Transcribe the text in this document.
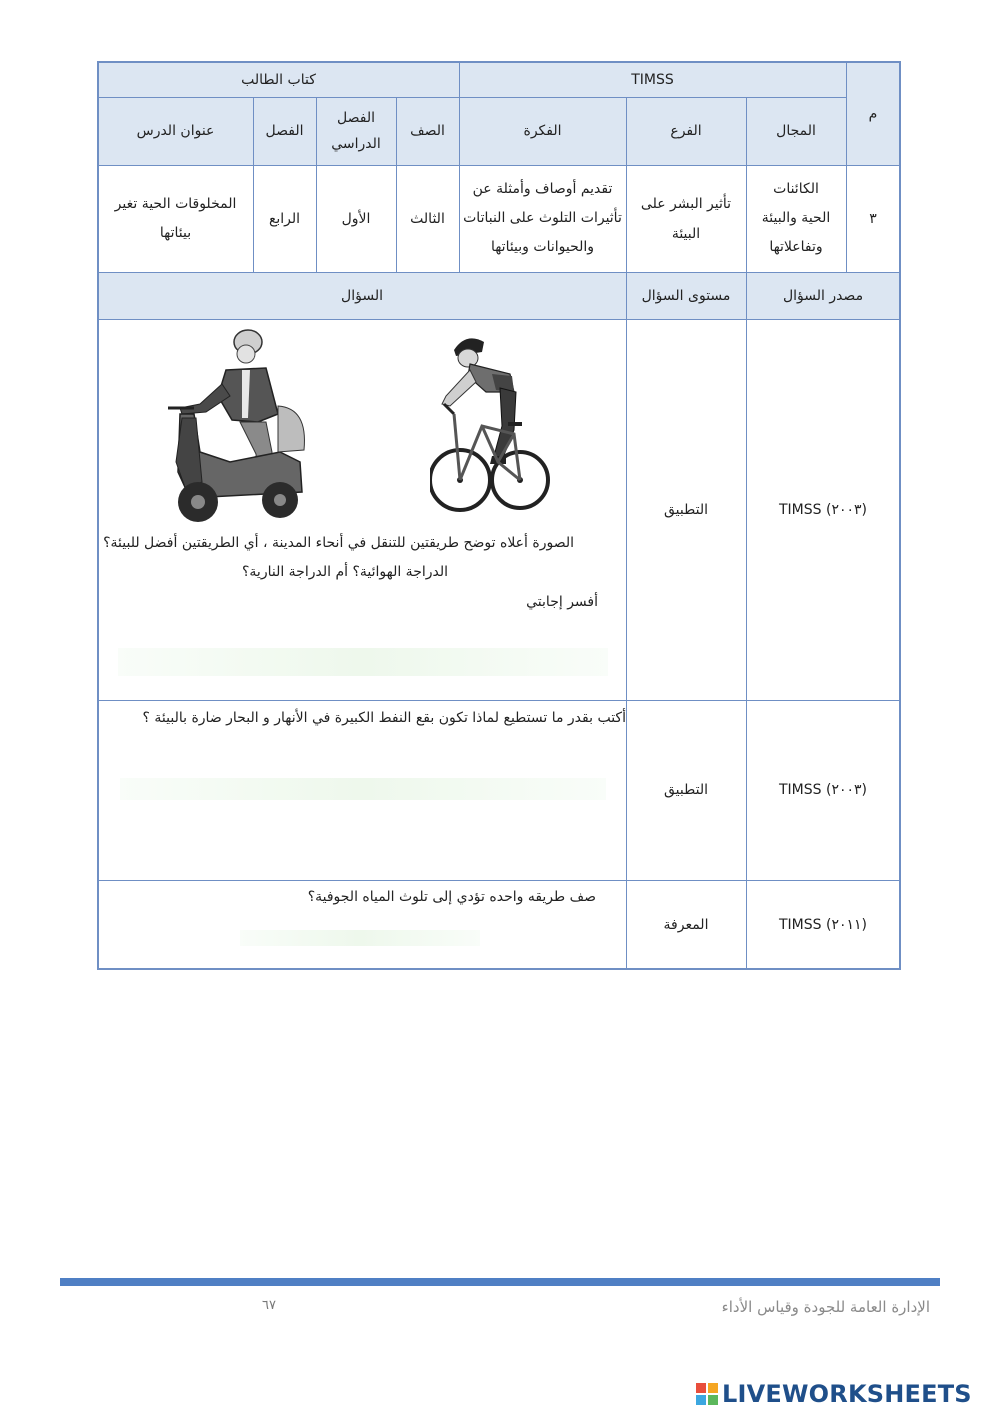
م
TIMSS
كتاب الطالب
المجال
الفرع
الفكرة
الصف
الفصل الدراسي
الفصل
عنوان الدرس
٣
الكائنات الحية والبيئة وتفاعلاتها
تأثير البشر على البيئة
تقديم أوصاف وأمثلة عن تأثيرات التلوث على النباتات والحيوانات وبيئاتها
الثالث
الأول
الرابع
المخلوقات الحية تغير بيئاتها
مصدر السؤال
مستوى السؤال
السؤال
TIMSS (٢٠٠٣)
التطبيق
الصورة أعلاه توضح طريقتين للتنقل في أنحاء المدينة ، أي الطريقتين أفضل للبيئة؟
الدراجة الهوائية؟ أم الدراجة النارية؟
أفسر إجابتي
TIMSS (٢٠٠٣)
التطبيق
أكتب بقدر ما تستطيع لماذا تكون بقع النفط الكبيرة في الأنهار و البحار ضارة بالبيئة ؟
TIMSS (٢٠١١)
المعرفة
صف طريقه واحده تؤدي إلى تلوث المياه الجوفية؟
٦٧	الإدارة العامة للجودة وقياس الأداء
LIVEWORKSHEETS
